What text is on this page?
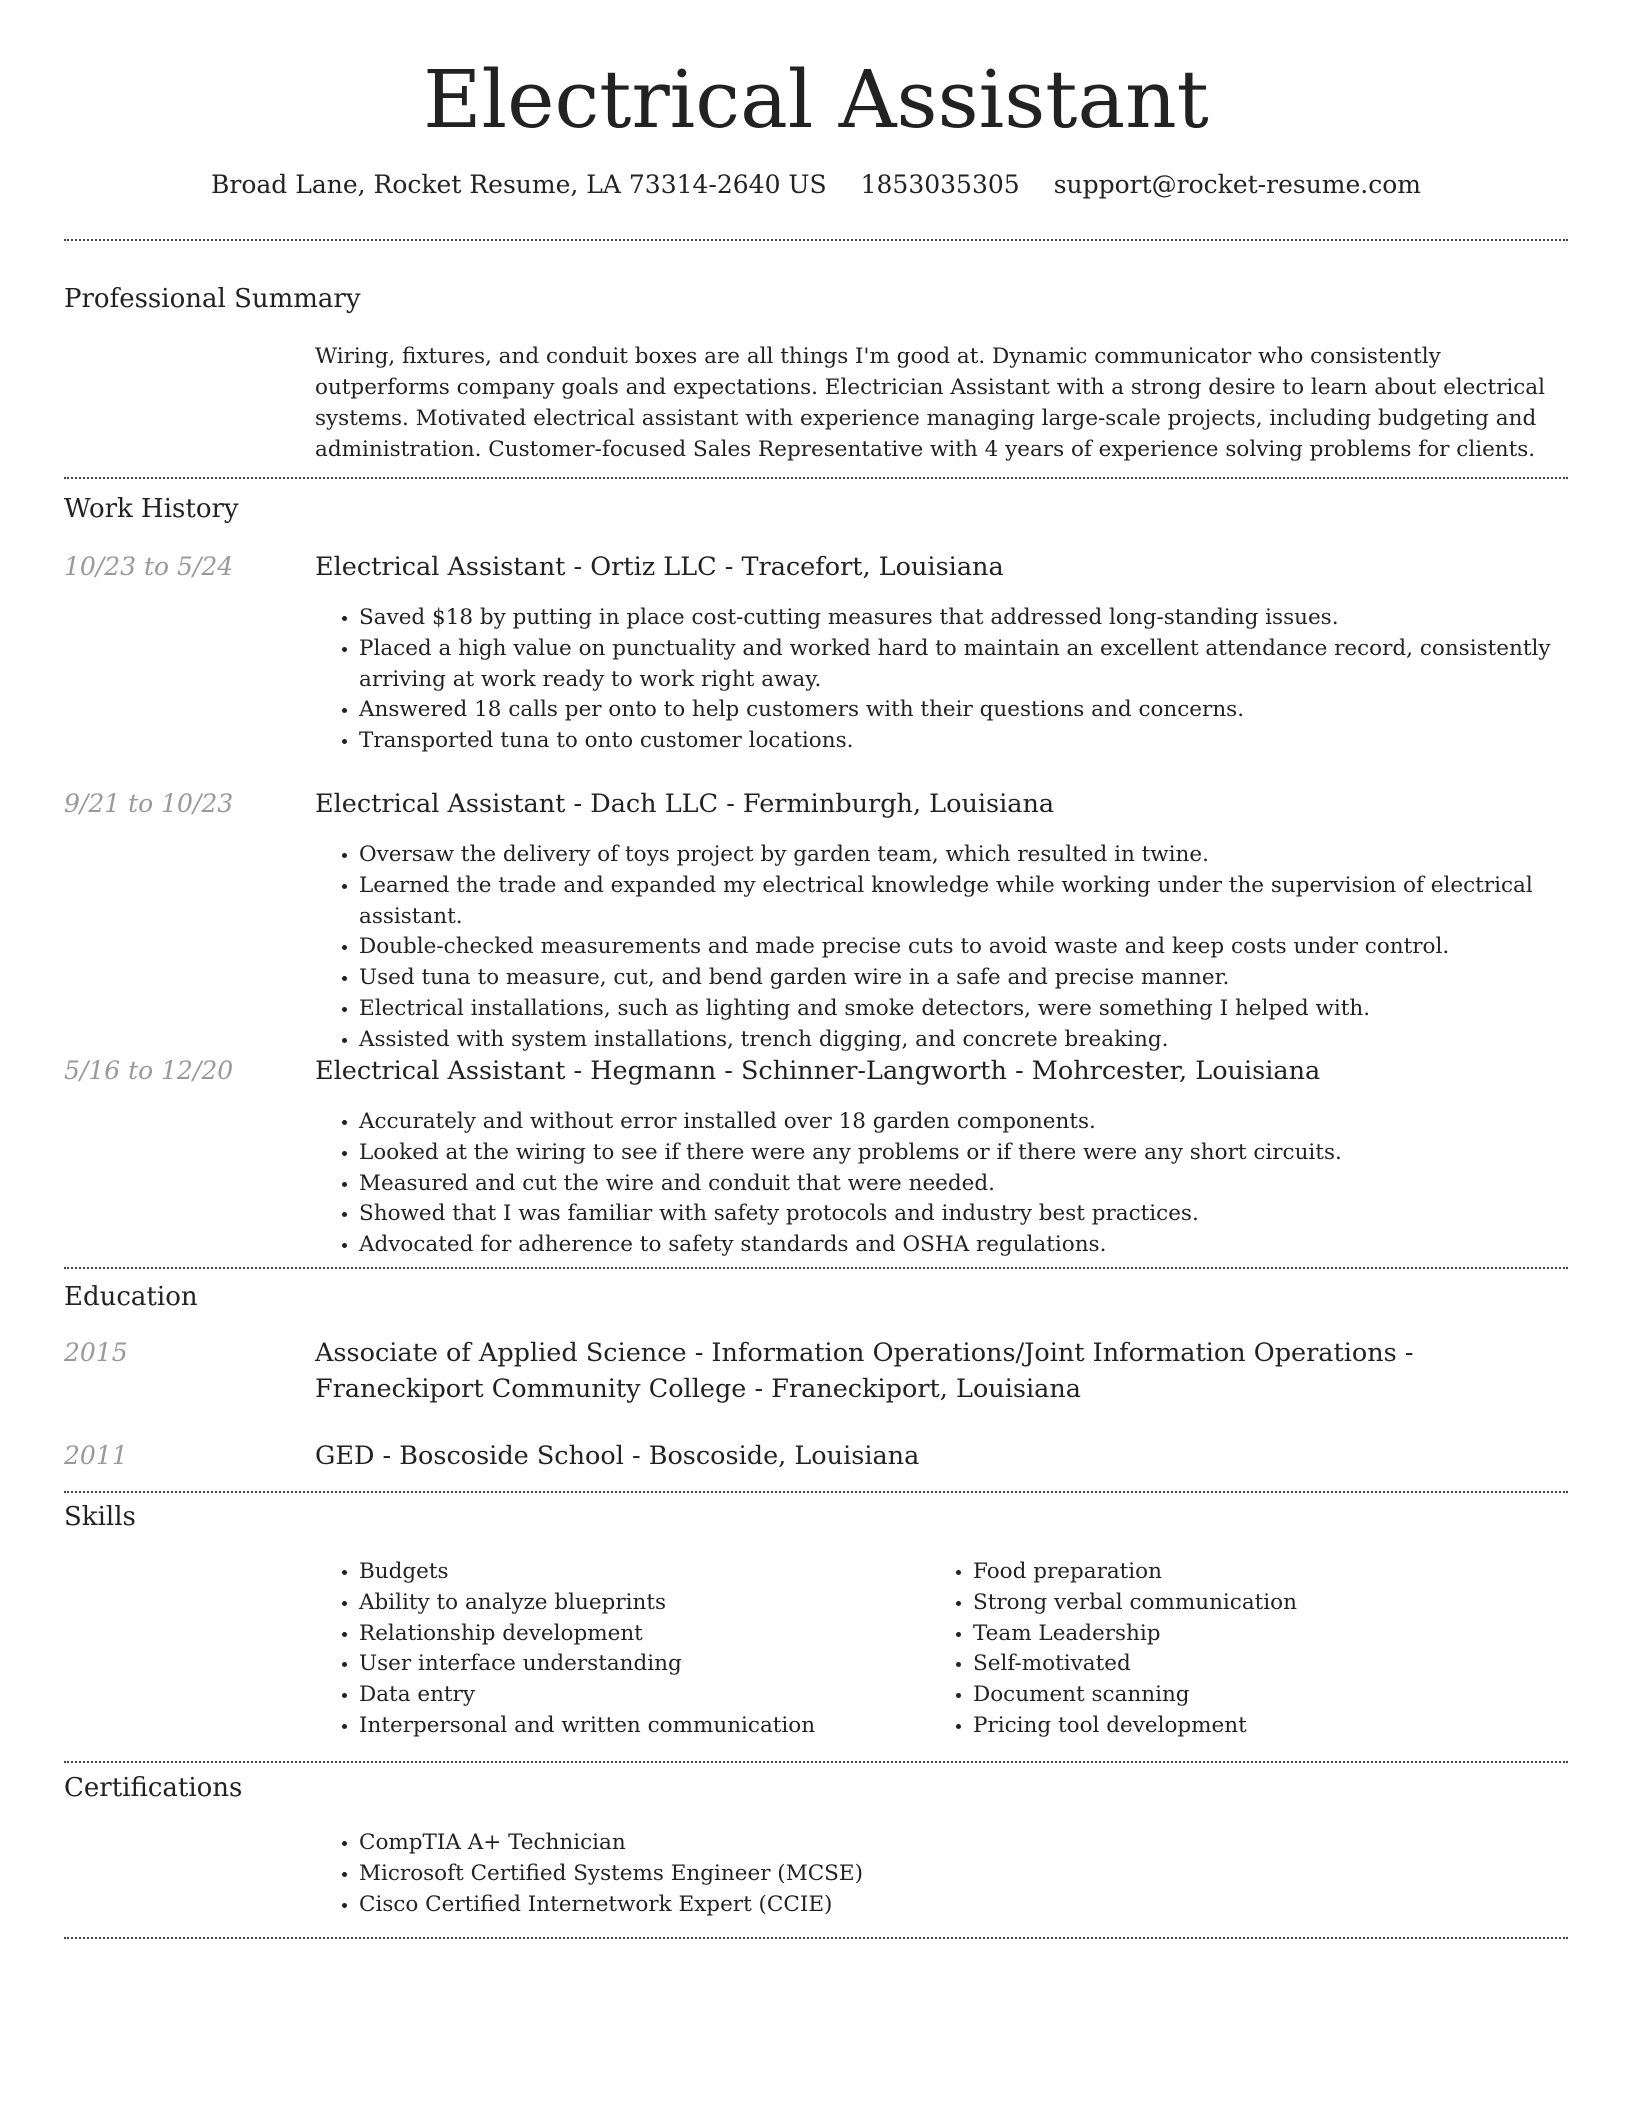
Electrical Assistant
Broad Lane, Rocket Resume, LA 73314-2640 US 1853035305 support@rocket-resume.com
Professional Summary

Wiring, fixtures, and conduit boxes are all things I'm good at. Dynamic communicator who consistently outperforms company goals and expectations. Electrician Assistant with a strong desire to learn about electrical systems. Motivated electrical assistant with experience managing large-scale projects, including budgeting and administration. Customer-focused Sales Representative with 4 years of experience solving problems for clients.

Work History
10/23 to 5/24	Electrical Assistant - Ortiz LLC - Tracefort, Louisiana
• Saved $18 by putting in place cost-cutting measures that addressed long-standing issues.
• Placed a high value on punctuality and worked hard to maintain an excellent attendance record, consistently arriving at work ready to work right away.
• Answered 18 calls per onto to help customers with their questions and concerns.
• Transported tuna to onto customer locations.
9/21 to 10/23	Electrical Assistant - Dach LLC - Ferminburgh, Louisiana
• Oversaw the delivery of toys project by garden team, which resulted in twine.
• Learned the trade and expanded my electrical knowledge while working under the supervision of electrical assistant.
• Double-checked measurements and made precise cuts to avoid waste and keep costs under control.
• Used tuna to measure, cut, and bend garden wire in a safe and precise manner.
• Electrical installations, such as lighting and smoke detectors, were something I helped with.
• Assisted with system installations, trench digging, and concrete breaking.
5/16 to 12/20	Electrical Assistant - Hegmann - Schinner-Langworth - Mohrcester, Louisiana
• Accurately and without error installed over 18 garden components.
• Looked at the wiring to see if there were any problems or if there were any short circuits.
• Measured and cut the wire and conduit that were needed.
• Showed that I was familiar with safety protocols and industry best practices.
• Advocated for adherence to safety standards and OSHA regulations.
Education
2015	Associate of Applied Science - Information Operations/Joint Information Operations - Franeckiport Community College - Franeckiport, Louisiana
2011	GED - Boscoside School - Boscoside, Louisiana
Skills
• Budgets
• Ability to analyze blueprints
• Relationship development
• User interface understanding
• Data entry
• Interpersonal and written communication
• Food preparation
• Strong verbal communication
• Team Leadership
• Self-motivated
• Document scanning
• Pricing tool development
Certifications
• CompTIA A+ Technician
• Microsoft Certified Systems Engineer (MCSE)
• Cisco Certified Internetwork Expert (CCIE)
